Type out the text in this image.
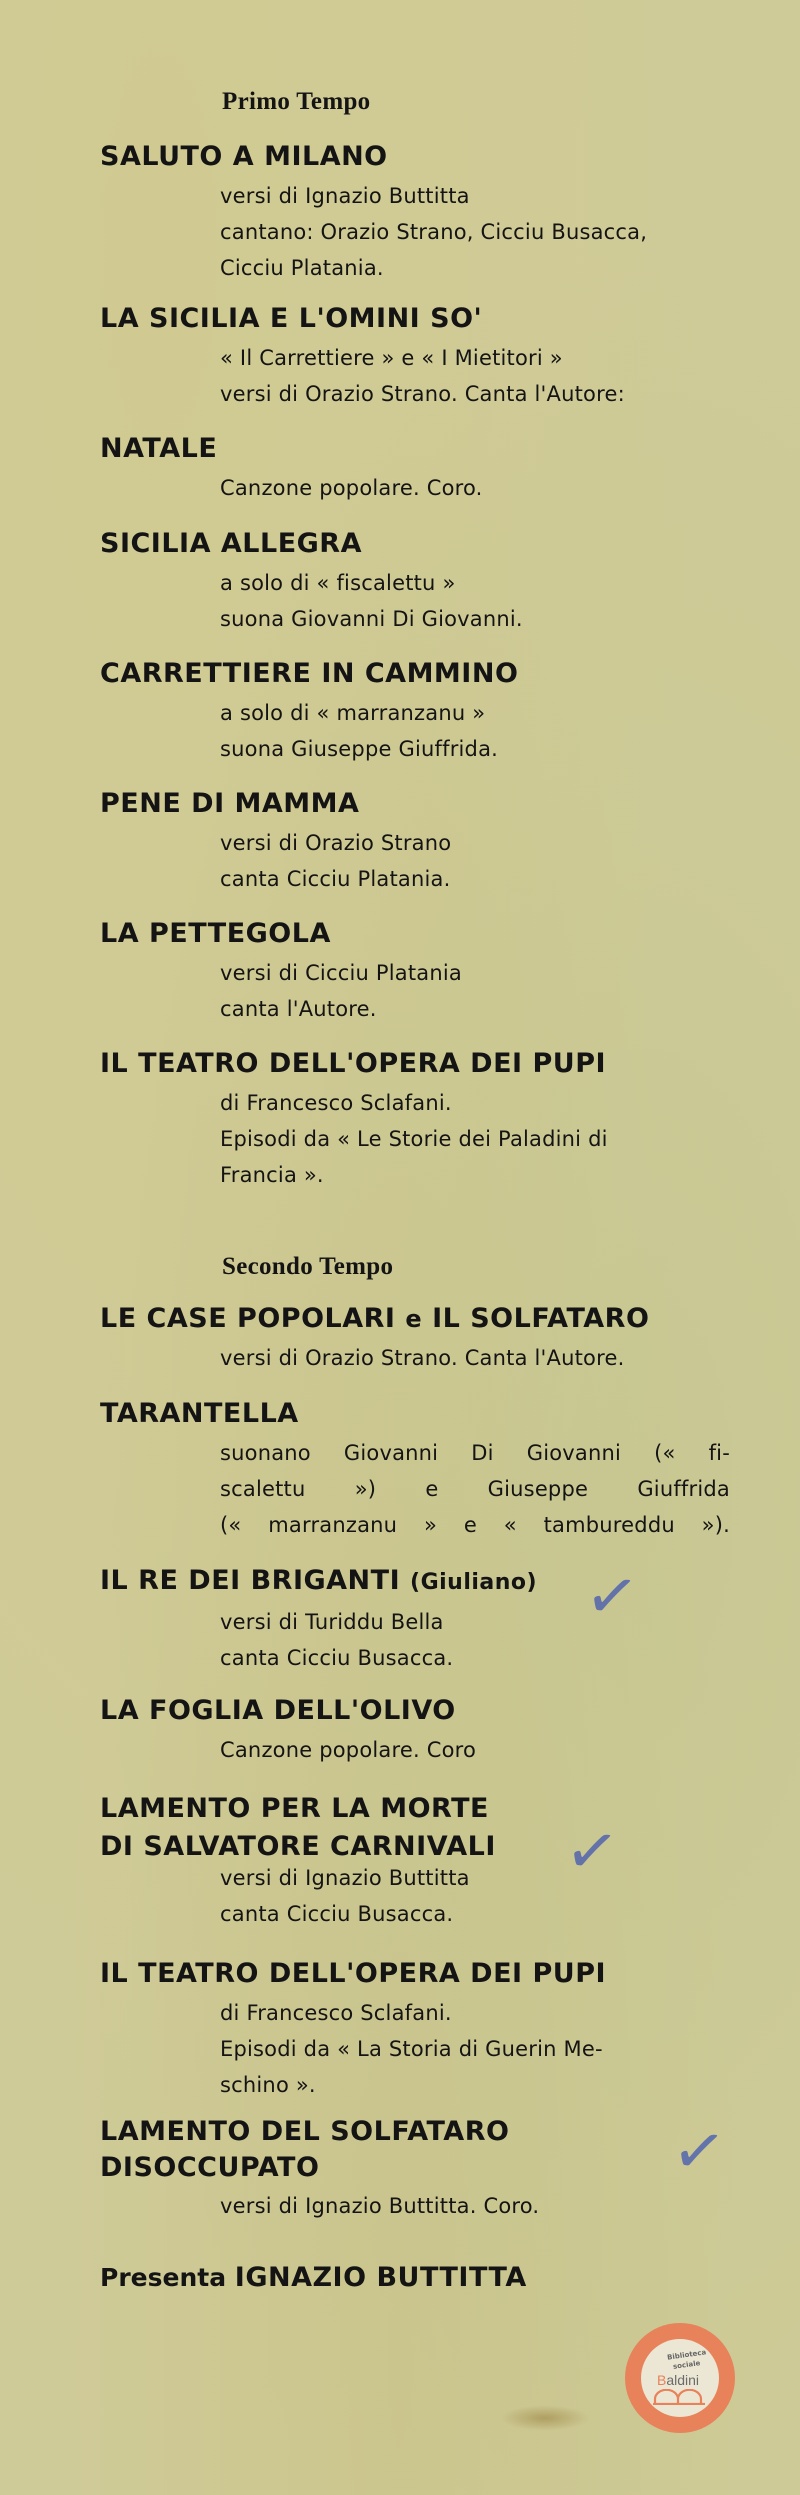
Primo Tempo
SALUTO A MILANO
versi di Ignazio Buttitta
cantano: Orazio Strano, Cicciu Busacca,
Cicciu Platania.
LA SICILIA E L'OMINI SO'
« Il Carrettiere » e « I Mietitori »
versi di Orazio Strano. Canta l'Autore:
NATALE
Canzone popolare. Coro.
SICILIA ALLEGRA
a solo di « fiscalettu »
suona Giovanni Di Giovanni.
CARRETTIERE IN CAMMINO
a solo di « marranzanu »
suona Giuseppe Giuffrida.
PENE DI MAMMA
versi di Orazio Strano
canta Cicciu Platania.
LA PETTEGOLA
versi di Cicciu Platania
canta l'Autore.
IL TEATRO DELL'OPERA DEI PUPI
di Francesco Sclafani.
Episodi da « Le Storie dei Paladini di
Francia ».
Secondo Tempo
LE CASE POPOLARI e IL SOLFATARO
versi di Orazio Strano. Canta l'Autore.
TARANTELLA
suonano Giovanni Di Giovanni (« fi-
scalettu ») e Giuseppe Giuffrida
(« marranzanu » e « tambureddu »).
IL RE DEI BRIGANTI (Giuliano)
versi di Turiddu Bella
canta Cicciu Busacca.
LA FOGLIA DELL'OLIVO
Canzone popolare. Coro
LAMENTO PER LA MORTE
DI SALVATORE CARNIVALI
versi di Ignazio Buttitta
canta Cicciu Busacca.
IL TEATRO DELL'OPERA DEI PUPI
di Francesco Sclafani.
Episodi da « La Storia di Guerin Me-
schino ».
LAMENTO DEL SOLFATARO
DISOCCUPATO
versi di Ignazio Buttitta. Coro.
Presenta IGNAZIO BUTTITTA
✓
✓
✓
Biblioteca
sociale
Baldini
